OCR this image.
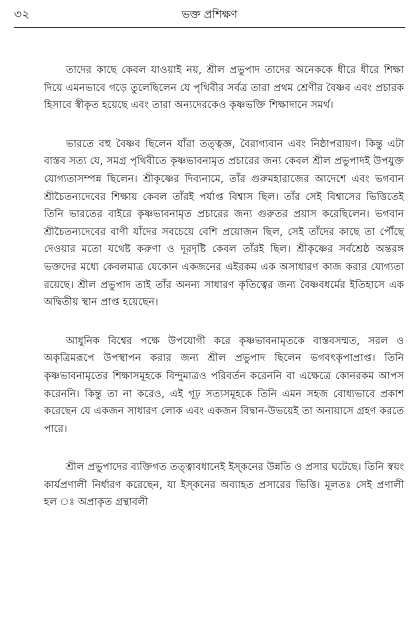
৩২	ভক্ত প্রশিক্ষণ

তাদের কাছে কেবল যাওয়াই নয়, শ্রীল প্রভুপাদ তাদের অনেককে ধীরে ধীরে শিক্ষা দিয়ে এমনভাবে গড়ে তুলেছিলেন যে পৃথিবীর সর্বত্র তারা প্রথম শ্রেণীর বৈষ্ণব এবং প্রচারক হিসাবে স্বীকৃত হয়েছে এবং তারা অন্যদেরকেও কৃষ্ণভক্তি শিক্ষাদানে সমর্থ।

ভারতে বহু বৈষ্ণব ছিলেন যাঁরা তত্ত্বজ্ঞ, বৈরাগ্যবান এবং নিষ্ঠাপরায়ণ। কিন্তু এটা বাস্তব সত্য যে, সমগ্র পৃথিবীতে কৃষ্ণভাবনামৃত প্রচারের জন্য কেবল শ্রীল প্রভুপাদই উপযুক্ত যোগ্যতাসম্পন্ন ছিলেন। শ্রীকৃষ্ণের দিব্যনামে, তাঁর গুরুমহারাজের আদেশে এবং ভগবান শ্রীচৈতন্যদেবের শিক্ষায় কেবল তাঁরই পর্যাপ্ত বিশ্বাস ছিল। তাঁর সেই বিশ্বাসের ভিত্তিতেই তিনি ভারতের বাইরে কৃষ্ণভাবনামৃত প্রচারের জন্য গুরুতর প্রয়াস করেছিলেন। ভগবান শ্রীচৈতন্যদেবের বাণী যাঁদের সবচেয়ে বেশি প্রয়োজন ছিল, সেই তাঁদের কাছে তা পৌঁছে দেওয়ার মতো যথেষ্ট করুণা ও দূরদৃষ্টি কেবল তাঁরই ছিল। শ্রীকৃষ্ণের সর্বশ্রেষ্ঠ অন্তরঙ্গ ভক্তদের মধ্যে কেবলমাত্র যেকোন একজনের এইরকম এক অসাধারণ কাজ করার যোগ্যতা রয়েছে। শ্রীল প্রভুপাদ তাই তাঁর অনন্য সাধারণ কৃতিত্বের জন্য বৈষ্ণবধর্মের ইতিহাসে এক অদ্বিতীয় স্থান প্রাপ্ত হয়েছেন।

আধুনিক বিশ্বের পক্ষে উপযোগী করে কৃষ্ণভাবনামৃতকে বাস্তবসম্মত, সরল ও অকৃত্রিমরূপে উপস্থাপন করার জন্য শ্রীল প্রভুপাদ ছিলেন ভগবৎকৃপাপ্রাপ্ত। তিনি কৃষ্ণভাবনামৃতের শিক্ষাসমূহকে বিন্দুমাত্রও পরিবর্তন করেননি বা এক্ষেত্রে কোনরকম আপস করেননি। কিন্তু তা না করেও, এই গূঢ় সত্যসমূহকে তিনি এমন সহজ বোধ্যভাবে প্রকাশ করেছেন যে একজন সাধারণ লোক এবং একজন বিদ্বান-উভয়েই তা অনায়াসে গ্রহণ করতে পারে।

শ্রীল প্রভুপাদের ব্যক্তিগত তত্ত্বাবধানেই ইস্‌কনের উন্নতি ও প্রসার ঘটেছে। তিনি স্বয়ং কার্যপ্রণালী নির্ধারণ করেছেন, যা ইস্‌কনের অব্যাহত প্রসারের ভিত্তি। মূলতঃ সেই প্রণালী হল ঃ অপ্রাকৃত গ্রন্থাবলী
